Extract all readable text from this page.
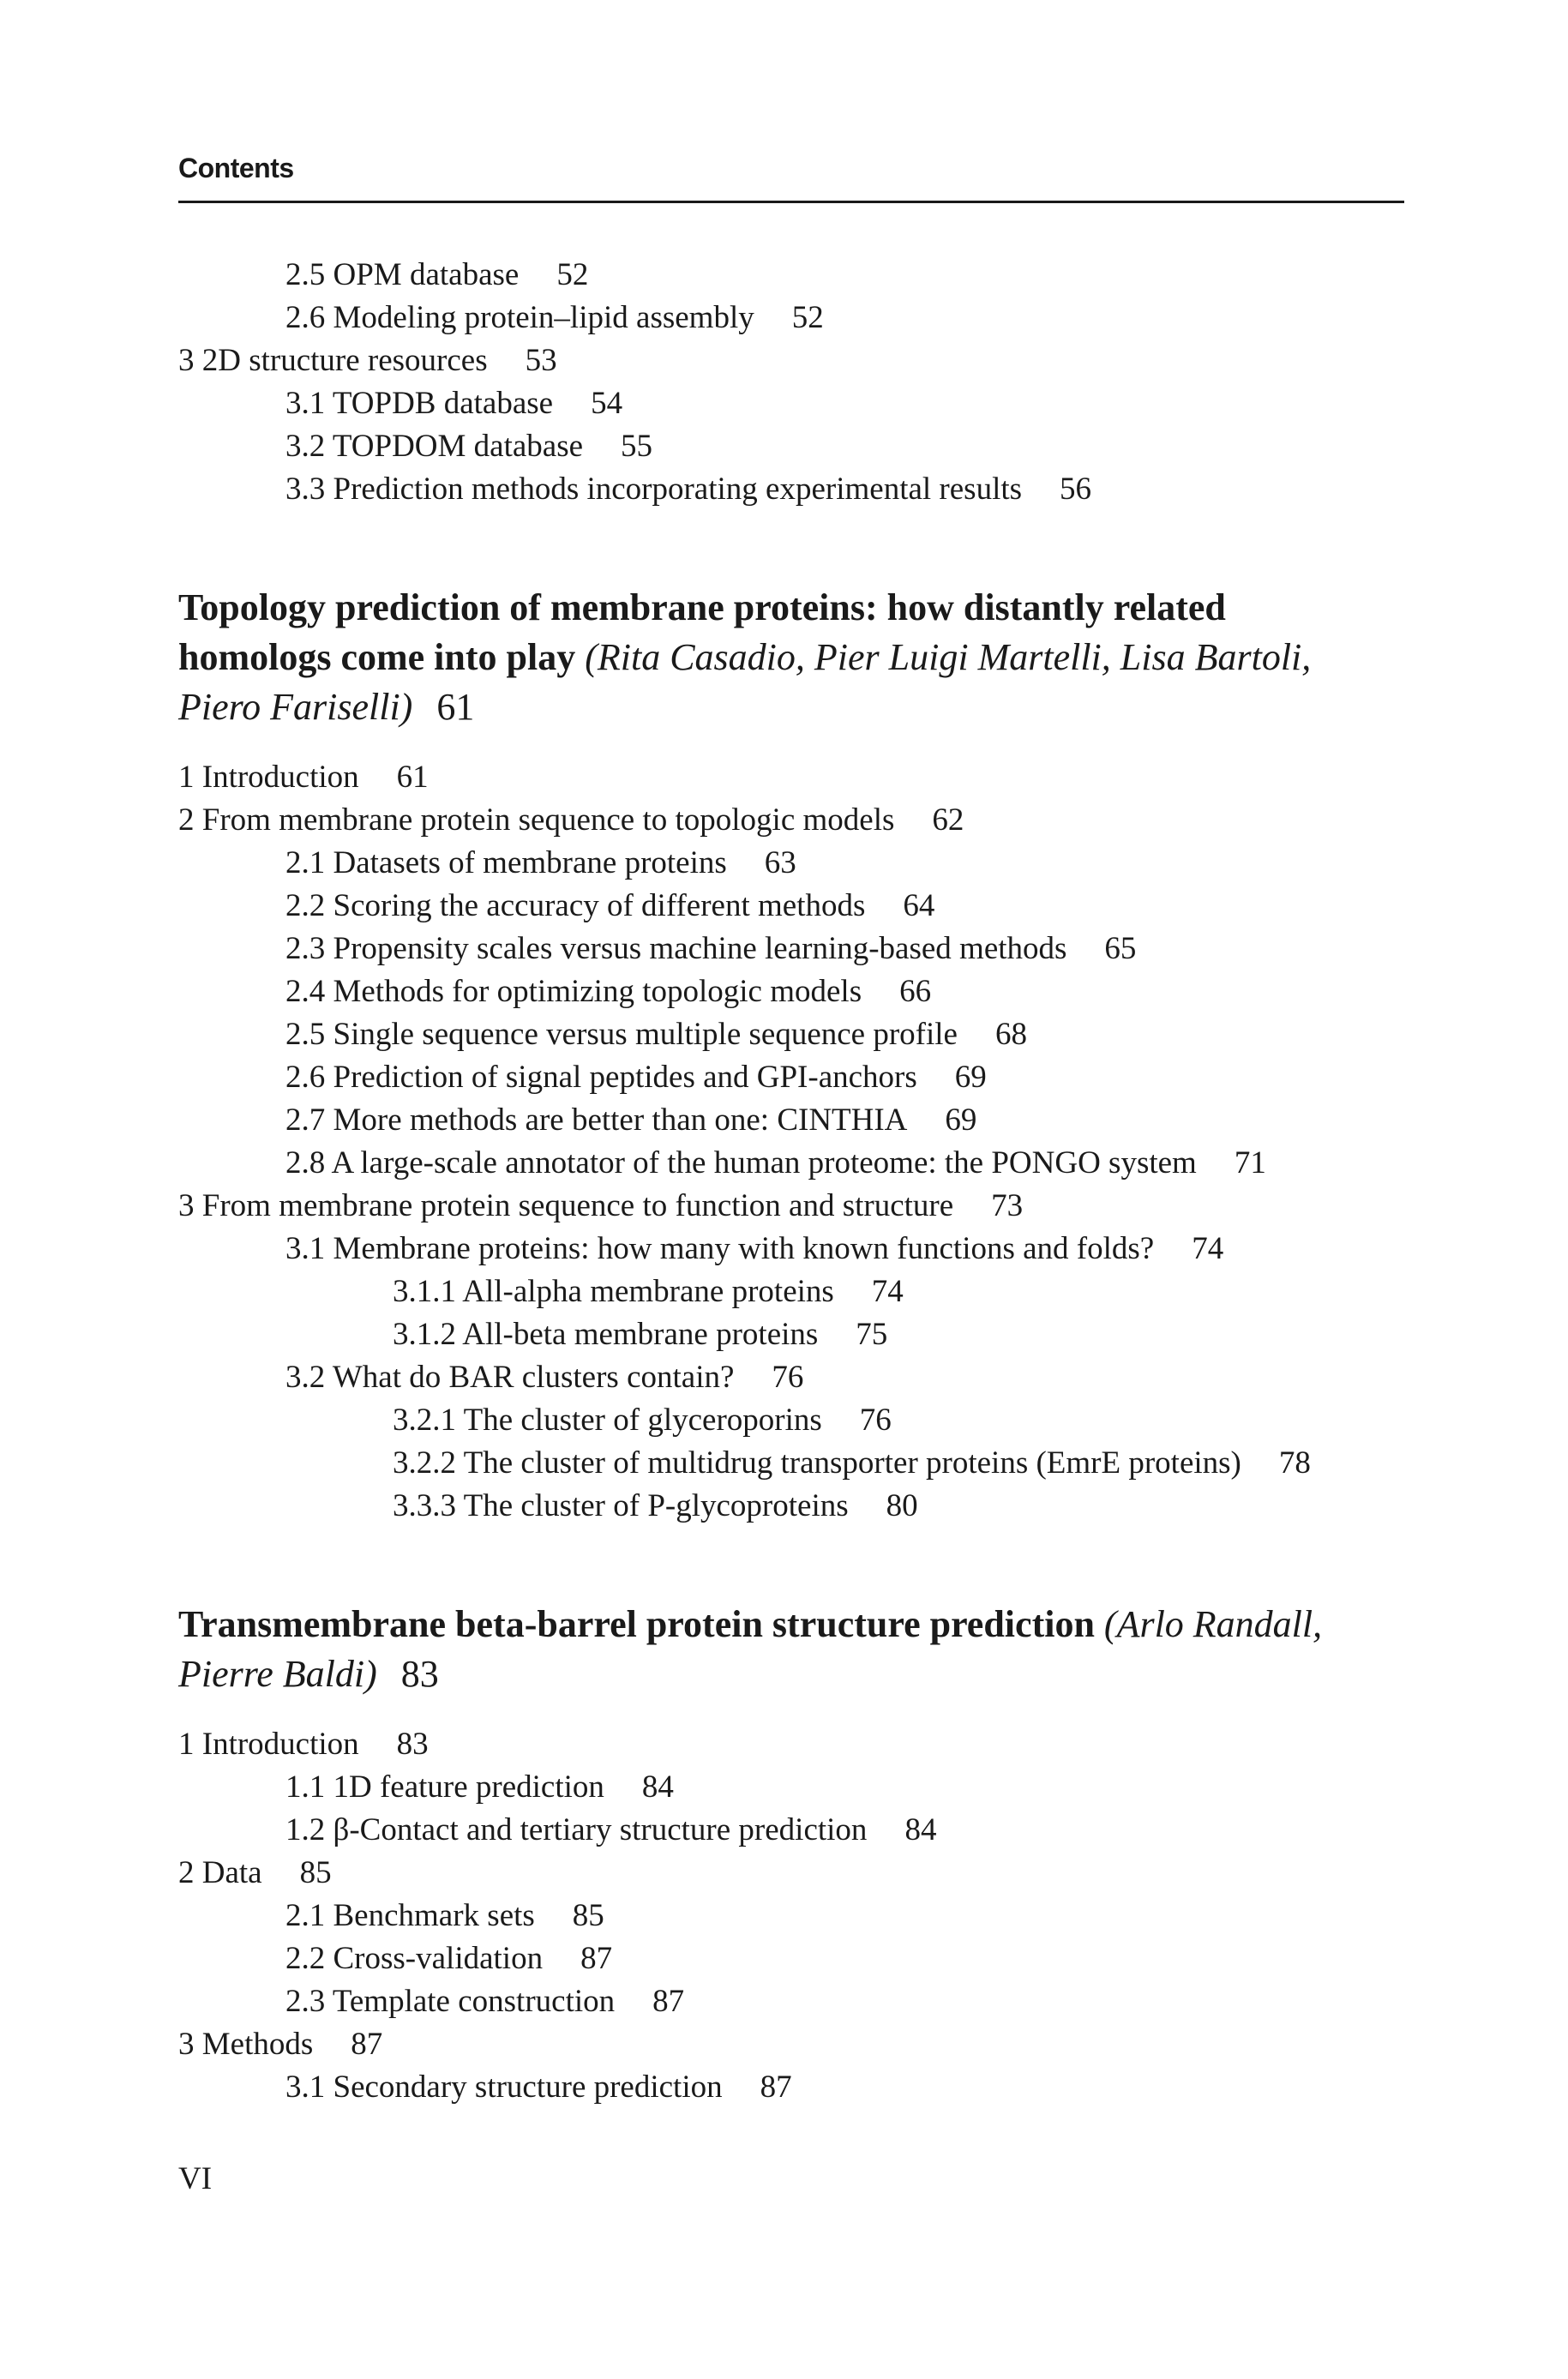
Contents
2.5 OPM database 52
2.6 Modeling protein–lipid assembly 52
3 2D structure resources 53
3.1 TOPDB database 54
3.2 TOPDOM database 55
3.3 Prediction methods incorporating experimental results 56
Topology prediction of membrane proteins: how distantly related
homologs come into play (Rita Casadio, Pier Luigi Martelli, Lisa Bartoli,
Piero Fariselli) 61
1 Introduction 61
2 From membrane protein sequence to topologic models 62
2.1 Datasets of membrane proteins 63
2.2 Scoring the accuracy of different methods 64
2.3 Propensity scales versus machine learning-based methods 65
2.4 Methods for optimizing topologic models 66
2.5 Single sequence versus multiple sequence profile 68
2.6 Prediction of signal peptides and GPI-anchors 69
2.7 More methods are better than one: CINTHIA 69
2.8 A large-scale annotator of the human proteome: the PONGO system 71
3 From membrane protein sequence to function and structure 73
3.1 Membrane proteins: how many with known functions and folds? 74
3.1.1 All-alpha membrane proteins 74
3.1.2 All-beta membrane proteins 75
3.2 What do BAR clusters contain? 76
3.2.1 The cluster of glyceroporins 76
3.2.2 The cluster of multidrug transporter proteins (EmrE proteins) 78
3.3.3 The cluster of P-glycoproteins 80
Transmembrane beta-barrel protein structure prediction (Arlo Randall,
Pierre Baldi) 83
1 Introduction 83
1.1 1D feature prediction 84
1.2 β-Contact and tertiary structure prediction 84
2 Data 85
2.1 Benchmark sets 85
2.2 Cross-validation 87
2.3 Template construction 87
3 Methods 87
3.1 Secondary structure prediction 87
VI
